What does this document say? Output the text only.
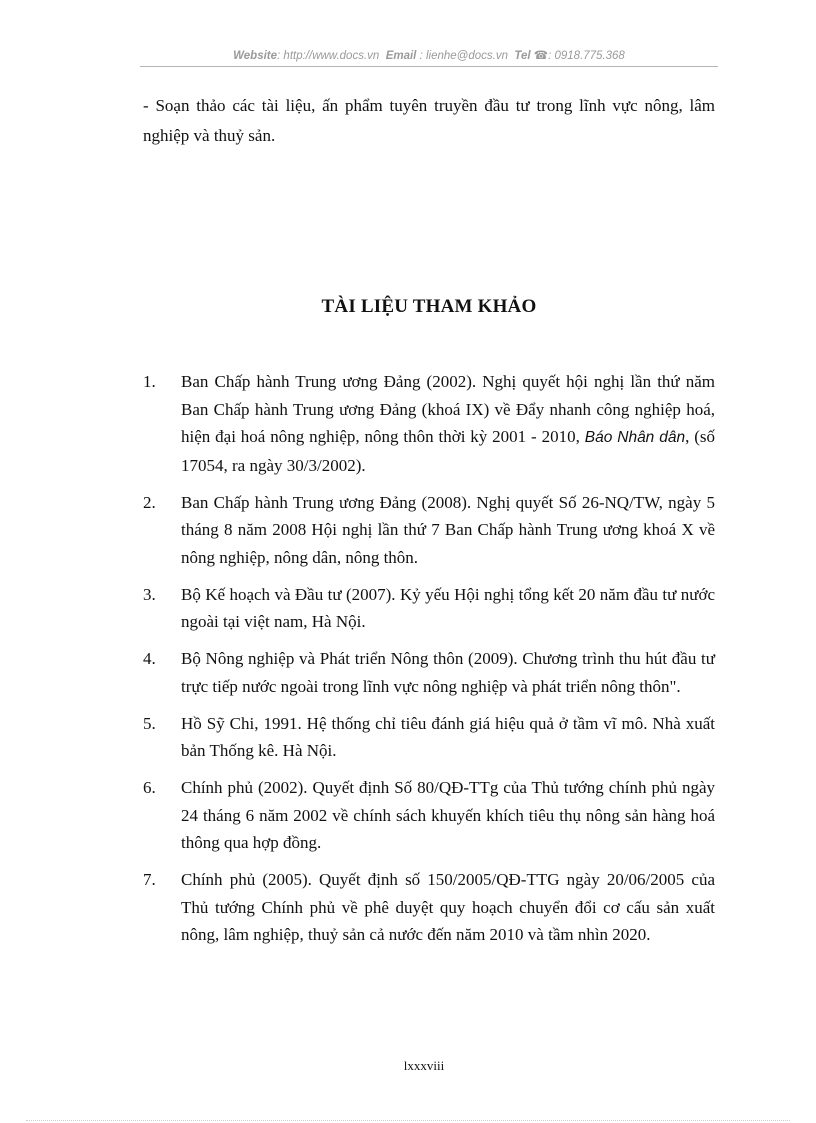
Website: http://www.docs.vn Email : lienhe@docs.vn Tel ☎: 0918.775.368
- Soạn thảo các tài liệu, ấn phẩm tuyên truyền đầu tư trong lĩnh vực nông, lâm nghiệp và thuỷ sản.
TÀI LIỆU THAM KHẢO
1. Ban Chấp hành Trung ương Đảng (2002). Nghị quyết hội nghị lần thứ năm Ban Chấp hành Trung ương Đảng (khoá IX) về Đẩy nhanh công nghiệp hoá, hiện đại hoá nông nghiệp, nông thôn thời kỳ 2001 - 2010, Báo Nhân dân, (số 17054, ra ngày 30/3/2002).
2. Ban Chấp hành Trung ương Đảng (2008). Nghị quyết Số 26-NQ/TW, ngày 5 tháng 8 năm 2008 Hội nghị lần thứ 7 Ban Chấp hành Trung ương khoá X về nông nghiệp, nông dân, nông thôn.
3. Bộ Kế hoạch và Đầu tư (2007). Kỷ yếu Hội nghị tổng kết 20 năm đầu tư nước ngoài tại việt nam, Hà Nội.
4. Bộ Nông nghiệp và Phát triển Nông thôn (2009). Chương trình thu hút đầu tư trực tiếp nước ngoài trong lĩnh vực nông nghiệp và phát triển nông thôn".
5. Hồ Sỹ Chi, 1991. Hệ thống chỉ tiêu đánh giá hiệu quả ở tầm vĩ mô. Nhà xuất bản Thống kê. Hà Nội.
6. Chính phủ (2002). Quyết định Số 80/QĐ-TTg của Thủ tướng chính phủ ngày 24 tháng 6 năm 2002 về chính sách khuyến khích tiêu thụ nông sản hàng hoá thông qua hợp đồng.
7. Chính phủ (2005). Quyết định số 150/2005/QĐ-TTG ngày 20/06/2005 của Thủ tướng Chính phủ về phê duyệt quy hoạch chuyển đổi cơ cấu sản xuất nông, lâm nghiệp, thuỷ sản cả nước đến năm 2010 và tầm nhìn 2020.
lxxxviii
